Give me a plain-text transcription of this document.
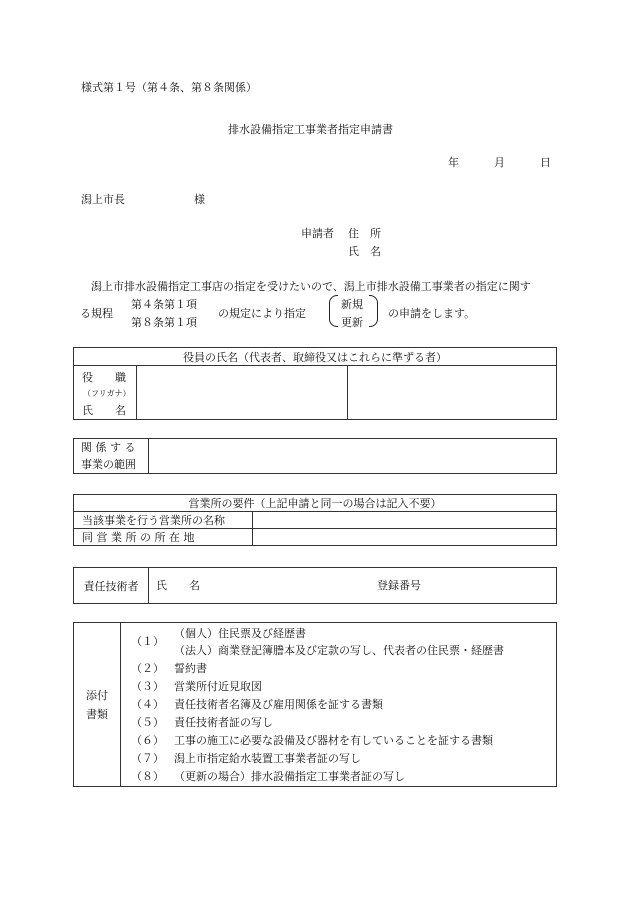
様式第１号（第４条、第８条関係）
排水設備指定工事業者指定申請書
年	月	日
潟上市長	様
申請者 住　所
氏　名
潟上市排水設備指定工事店の指定を受けたいので、潟上市排水設備工事業者の指定に関す
る規程
第４条第１項
第８条第１項
の規定により指定
新規
更新
の申請をします。
役員の氏名（代表者、取締役又はこれらに準ずる者）

役　　職
（フリガナ）
氏　　名

関 係 す る
事業の範囲

営業所の要件（上記申請と同一の場合は記入不要）	
当該事業を行う営業所の名称	
同 営 業 所 の 所 在 地	
責任技術者	氏　　名	登録番号
添付
書類

（１）
（個人）住民票及び経歴書
（法人）商業登記簿謄本及び定款の写し、代表者の住民票・経歴書
（２） 誓約書
（３） 営業所付近見取図
（４） 責任技術者名簿及び雇用関係を証する書類
（５） 責任技術者証の写し
（６） 工事の施工に必要な設備及び器材を有していることを証する書類
（７） 潟上市指定給水装置工事業者証の写し
（８） （更新の場合）排水設備指定工事業者証の写し
